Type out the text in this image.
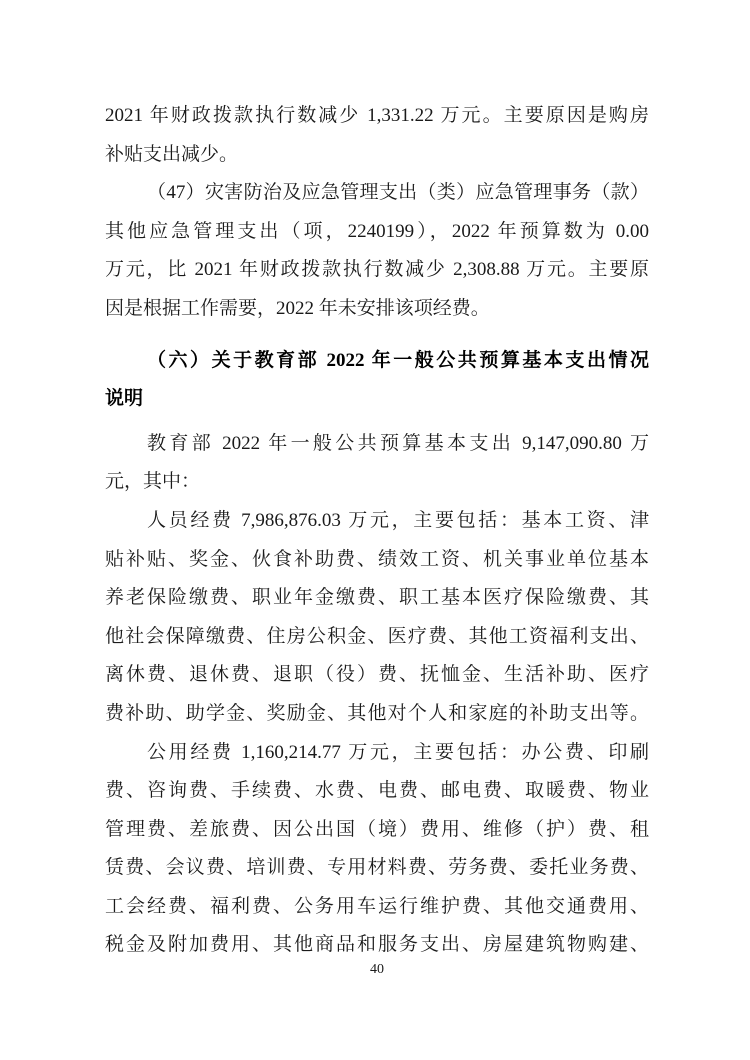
2021 年财政拨款执行数减少 1,331.22 万元。主要原因是购房
补贴支出减少。
（47）灾害防治及应急管理支出（类）应急管理事务（款）
其他应急管理支出（项，2240199），2022 年预算数为 0.00
万元，比 2021 年财政拨款执行数减少 2,308.88 万元。主要原
因是根据工作需要，2022 年未安排该项经费。
（六）关于教育部 2022 年一般公共预算基本支出情况
说明
教育部 2022 年一般公共预算基本支出 9,147,090.80 万
元，其中：
人员经费 7,986,876.03 万元，主要包括：基本工资、津
贴补贴、奖金、伙食补助费、绩效工资、机关事业单位基本
养老保险缴费、职业年金缴费、职工基本医疗保险缴费、其
他社会保障缴费、住房公积金、医疗费、其他工资福利支出、
离休费、退休费、退职（役）费、抚恤金、生活补助、医疗
费补助、助学金、奖励金、其他对个人和家庭的补助支出等。
公用经费 1,160,214.77 万元，主要包括：办公费、印刷
费、咨询费、手续费、水费、电费、邮电费、取暖费、物业
管理费、差旅费、因公出国（境）费用、维修（护）费、租
赁费、会议费、培训费、专用材料费、劳务费、委托业务费、
工会经费、福利费、公务用车运行维护费、其他交通费用、
税金及附加费用、其他商品和服务支出、房屋建筑物购建、
40
